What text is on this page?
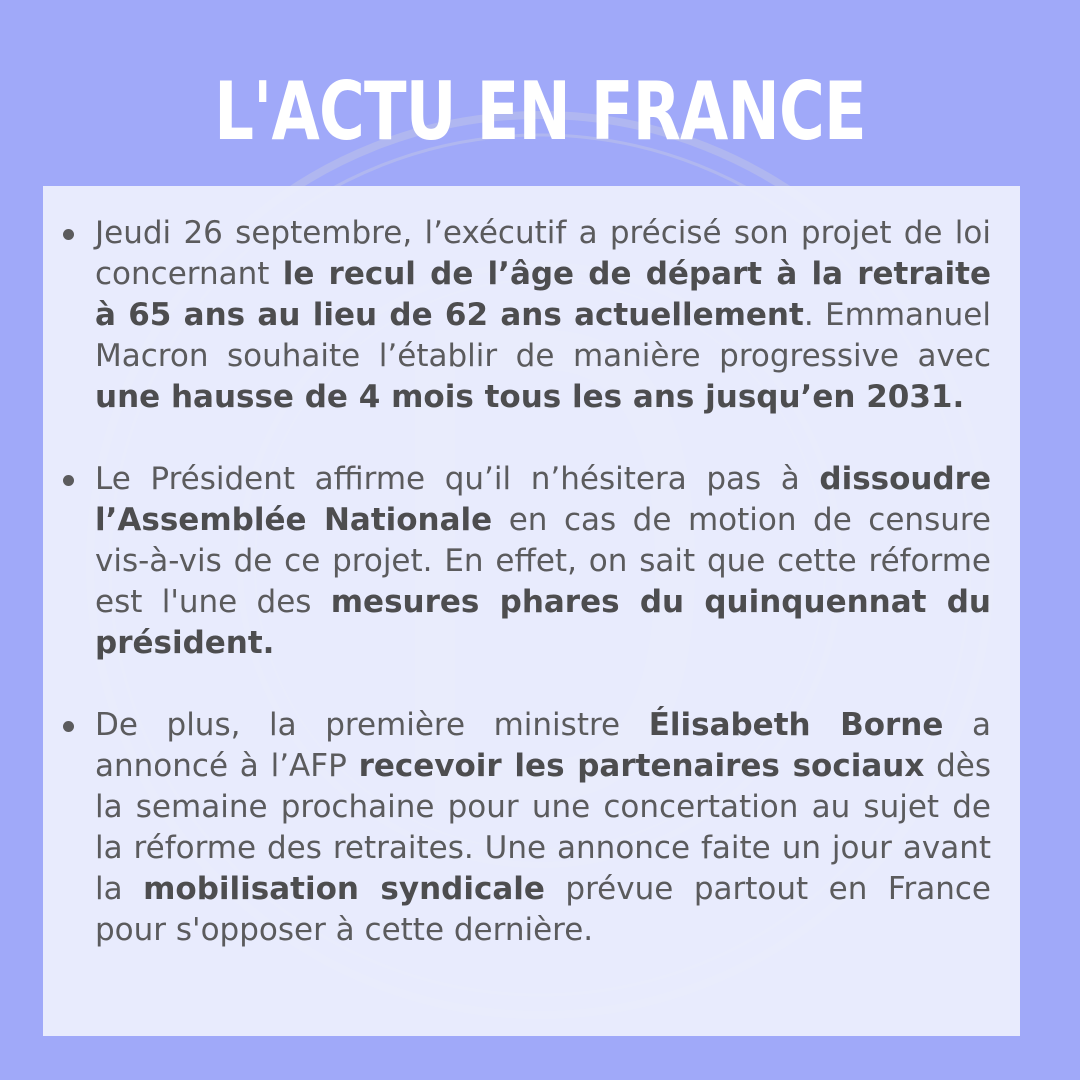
L'ACTU EN FRANCE
Jeudi 26 septembre, l’exécutif a précisé son projet de loi concernant le recul de l’âge de départ à la retraite à 65 ans au lieu de 62 ans actuellement. Emmanuel Macron souhaite l’établir de manière progressive avec une hausse de 4 mois tous les ans jusqu’en 2031.
Le Président affirme qu’il n’hésitera pas à dissoudre l’Assemblée Nationale en cas de motion de censure vis-à-vis de ce projet. En effet, on sait que cette réforme est l'une des mesures phares du quinquennat du président.
De plus, la première ministre Élisabeth Borne a annoncé à l’AFP recevoir les partenaires sociaux dès la semaine prochaine pour une concertation au sujet de la réforme des retraites. Une annonce faite un jour avant la mobilisation syndicale prévue partout en France pour s'opposer à cette dernière.
